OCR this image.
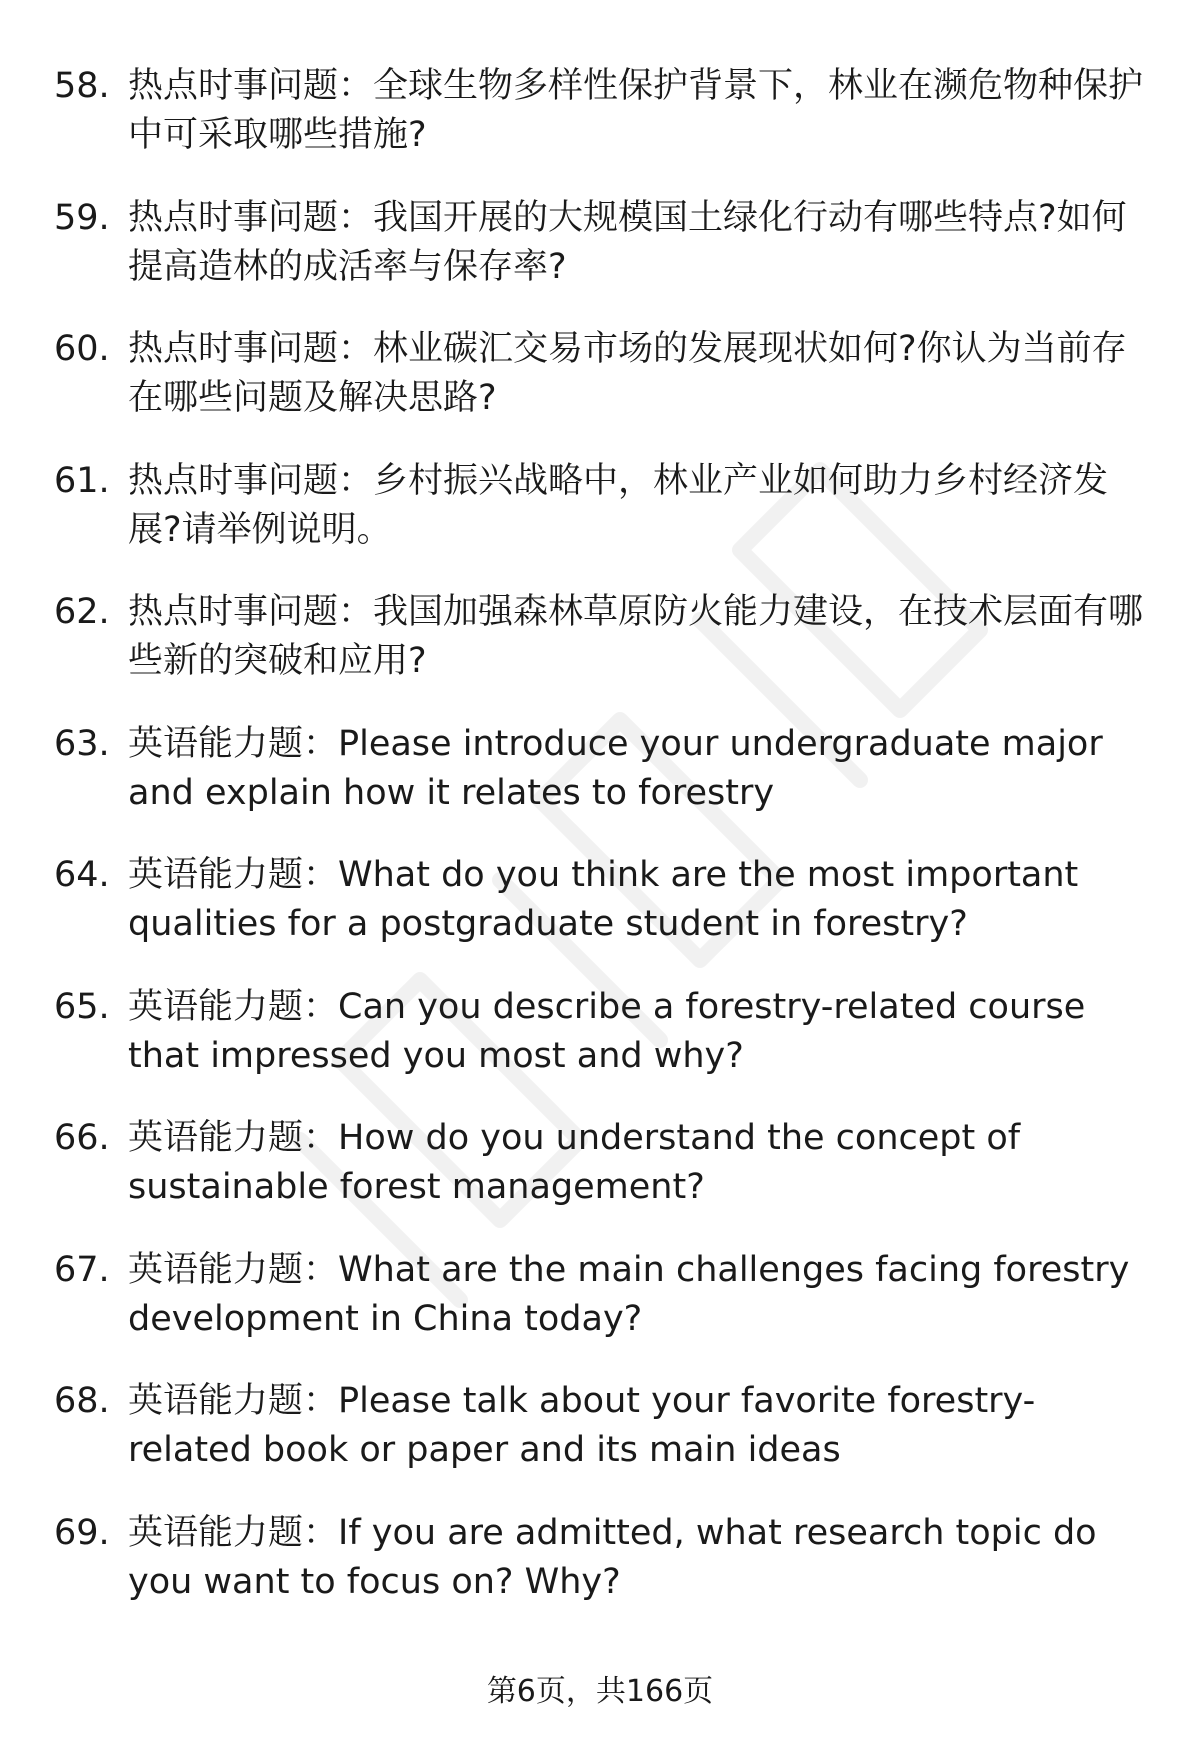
58. 热点时事问题：全球生物多样性保护背景下，林业在濒危物种保护中可采取哪些措施?

59. 热点时事问题：我国开展的大规模国土绿化行动有哪些特点?如何提高造林的成活率与保存率?

60. 热点时事问题：林业碳汇交易市场的发展现状如何?你认为当前存在哪些问题及解决思路?

61. 热点时事问题：乡村振兴战略中，林业产业如何助力乡村经济发展?请举例说明。

62. 热点时事问题：我国加强森林草原防火能力建设，在技术层面有哪些新的突破和应用?

63. 英语能力题：Please introduce your undergraduate major and explain how it relates to forestry

64. 英语能力题：What do you think are the most important qualities for a postgraduate student in forestry?

65. 英语能力题：Can you describe a forestry-related course that impressed you most and why?

66. 英语能力题：How do you understand the concept of sustainable forest management?

67. 英语能力题：What are the main challenges facing forestry development in China today?

68. 英语能力题：Please talk about your favorite forestry-related book or paper and its main ideas

69. 英语能力题：If you are admitted, what research topic do you want to focus on? Why?

第6页，共166页
